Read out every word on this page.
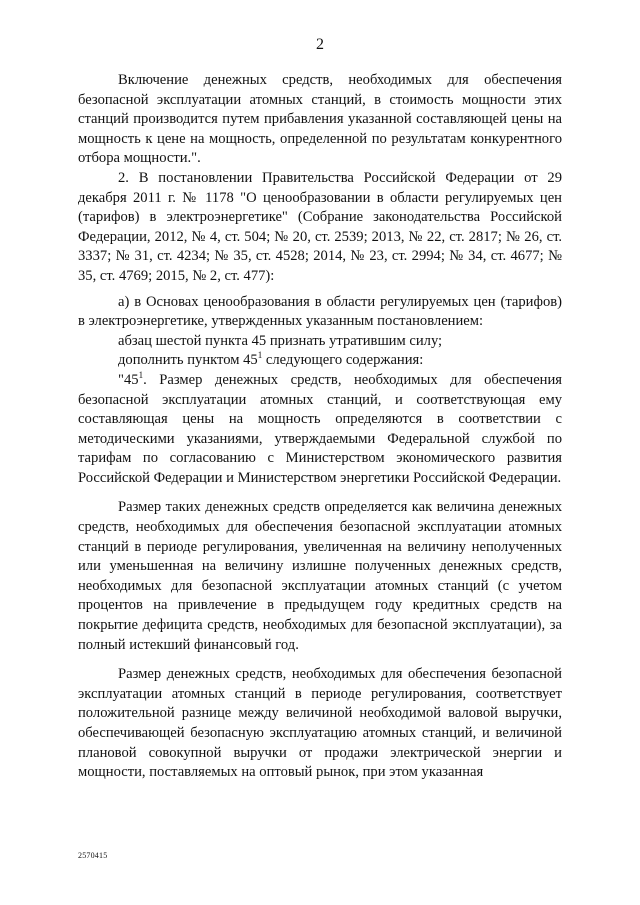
2

Включение денежных средств, необходимых для обеспечения безопасной эксплуатации атомных станций, в стоимость мощности этих станций производится путем прибавления указанной составляющей цены на мощность к цене на мощность, определенной по результатам конкурентного отбора мощности.".

2. В постановлении Правительства Российской Федерации от 29 декабря 2011 г. № 1178 "О ценообразовании в области регулируемых цен (тарифов) в электроэнергетике" (Собрание законодательства Российской Федерации, 2012, № 4, ст. 504; № 20, ст. 2539; 2013, № 22, ст. 2817; № 26, ст. 3337; № 31, ст. 4234; № 35, ст. 4528; 2014, № 23, ст. 2994; № 34, ст. 4677; № 35, ст. 4769; 2015, № 2, ст. 477):

а) в Основах ценообразования в области регулируемых цен (тарифов) в электроэнергетике, утвержденных указанным постановлением:

абзац шестой пункта 45 признать утратившим силу;

дополнить пунктом $45^1$ следующего содержания:

"$45^1$. Размер денежных средств, необходимых для обеспечения безопасной эксплуатации атомных станций, и соответствующая ему составляющая цены на мощность определяются в соответствии с методическими указаниями, утверждаемыми Федеральной службой по тарифам по согласованию с Министерством экономического развития Российской Федерации и Министерством энергетики Российской Федерации.

Размер таких денежных средств определяется как величина денежных средств, необходимых для обеспечения безопасной эксплуатации атомных станций в периоде регулирования, увеличенная на величину неполученных или уменьшенная на величину излишне полученных денежных средств, необходимых для безопасной эксплуатации атомных станций (с учетом процентов на привлечение в предыдущем году кредитных средств на покрытие дефицита средств, необходимых для безопасной эксплуатации), за полный истекший финансовый год.

Размер денежных средств, необходимых для обеспечения безопасной эксплуатации атомных станций в периоде регулирования, соответствует положительной разнице между величиной необходимой валовой выручки, обеспечивающей безопасную эксплуатацию атомных станций, и величиной плановой совокупной выручки от продажи электрической энергии и мощности, поставляемых на оптовый рынок, при этом указанная

2570415
